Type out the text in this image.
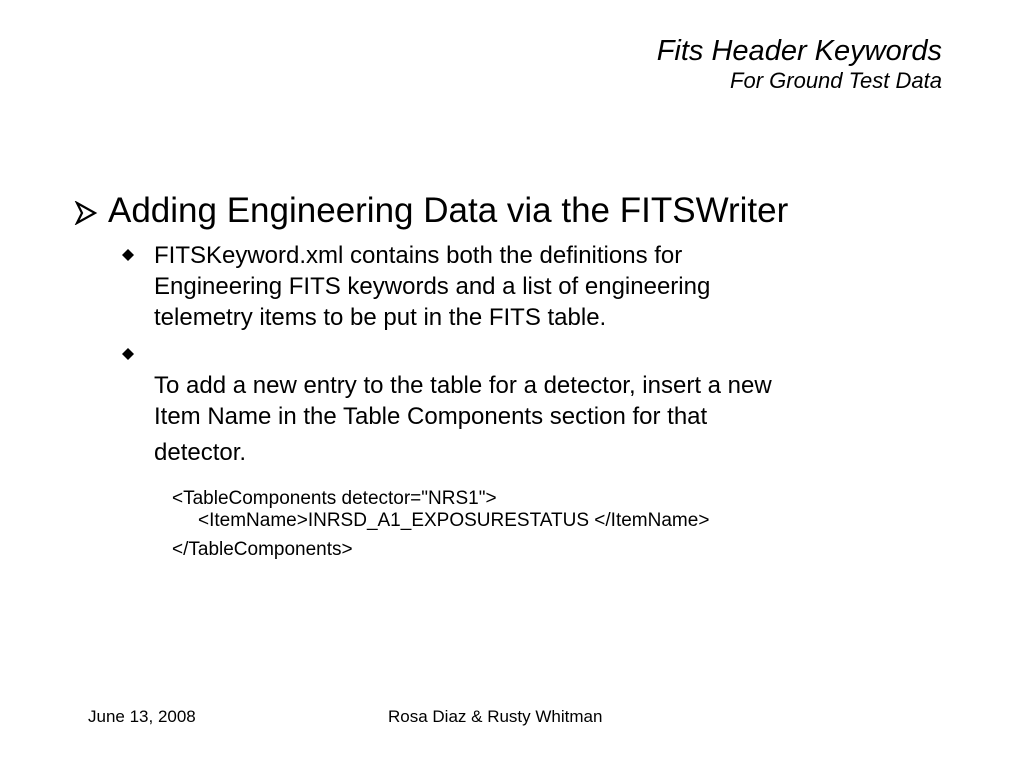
Fits Header Keywords
For Ground Test Data
Adding Engineering Data via the FITSWriter
FITSKeyword.xml contains both the definitions for
Engineering FITS keywords and a list of engineering
telemetry items to be put in the FITS table.

To add a new entry to the table for a detector, insert a new
Item Name in the Table Components section for that

detector.

<TableComponents detector="NRS1">
<ItemName>INRSD_A1_EXPOSURESTATUS </ItemName>
</TableComponents>
June 13, 2008	Rosa Diaz & Rusty Whitman
